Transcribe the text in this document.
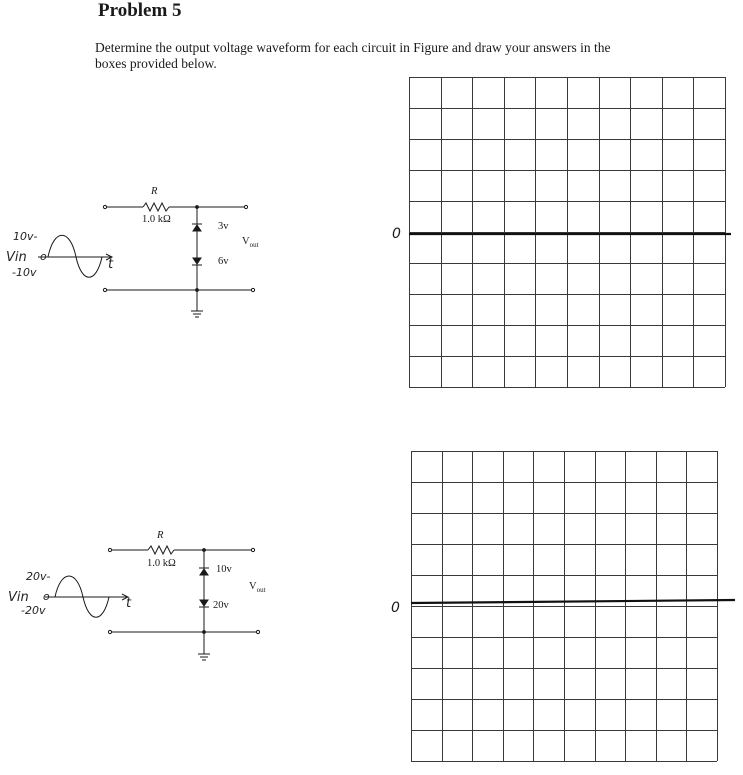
Problem 5
Determine the output voltage waveform for each circuit in Figure and draw your answers in the boxes provided below.
R
1.0 kΩ
3v
6v
$V_{out}$
10v-
Vin o
-10v
t
R
1.0 kΩ
10v
20v
$V_{out}$
20v-
Vin o
-20v	t
0
0
